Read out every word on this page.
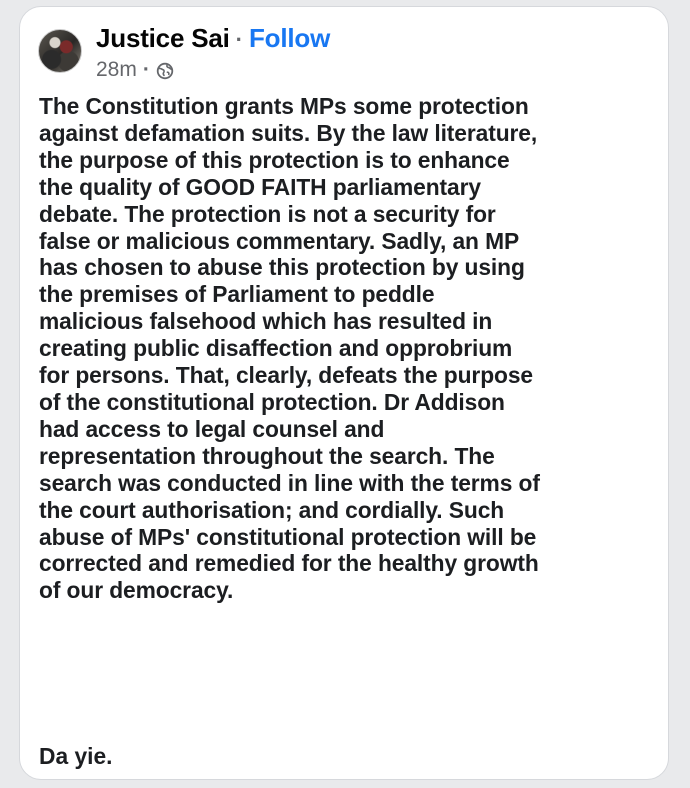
Justice Sai · Follow
28m ·
The Constitution grants MPs some protection
against defamation suits. By the law literature,
the purpose of this protection is to enhance
the quality of GOOD FAITH parliamentary
debate. The protection is not a security for
false or malicious commentary. Sadly, an MP
has chosen to abuse this protection by using
the premises of Parliament to peddle
malicious falsehood which has resulted in
creating public disaffection and opprobrium
for persons. That, clearly, defeats the purpose
of the constitutional protection. Dr Addison
had access to legal counsel and
representation throughout the search. The
search was conducted in line with the terms of
the court authorisation; and cordially. Such
abuse of MPs' constitutional protection will be
corrected and remedied for the healthy growth
of our democracy.
Da yie.
